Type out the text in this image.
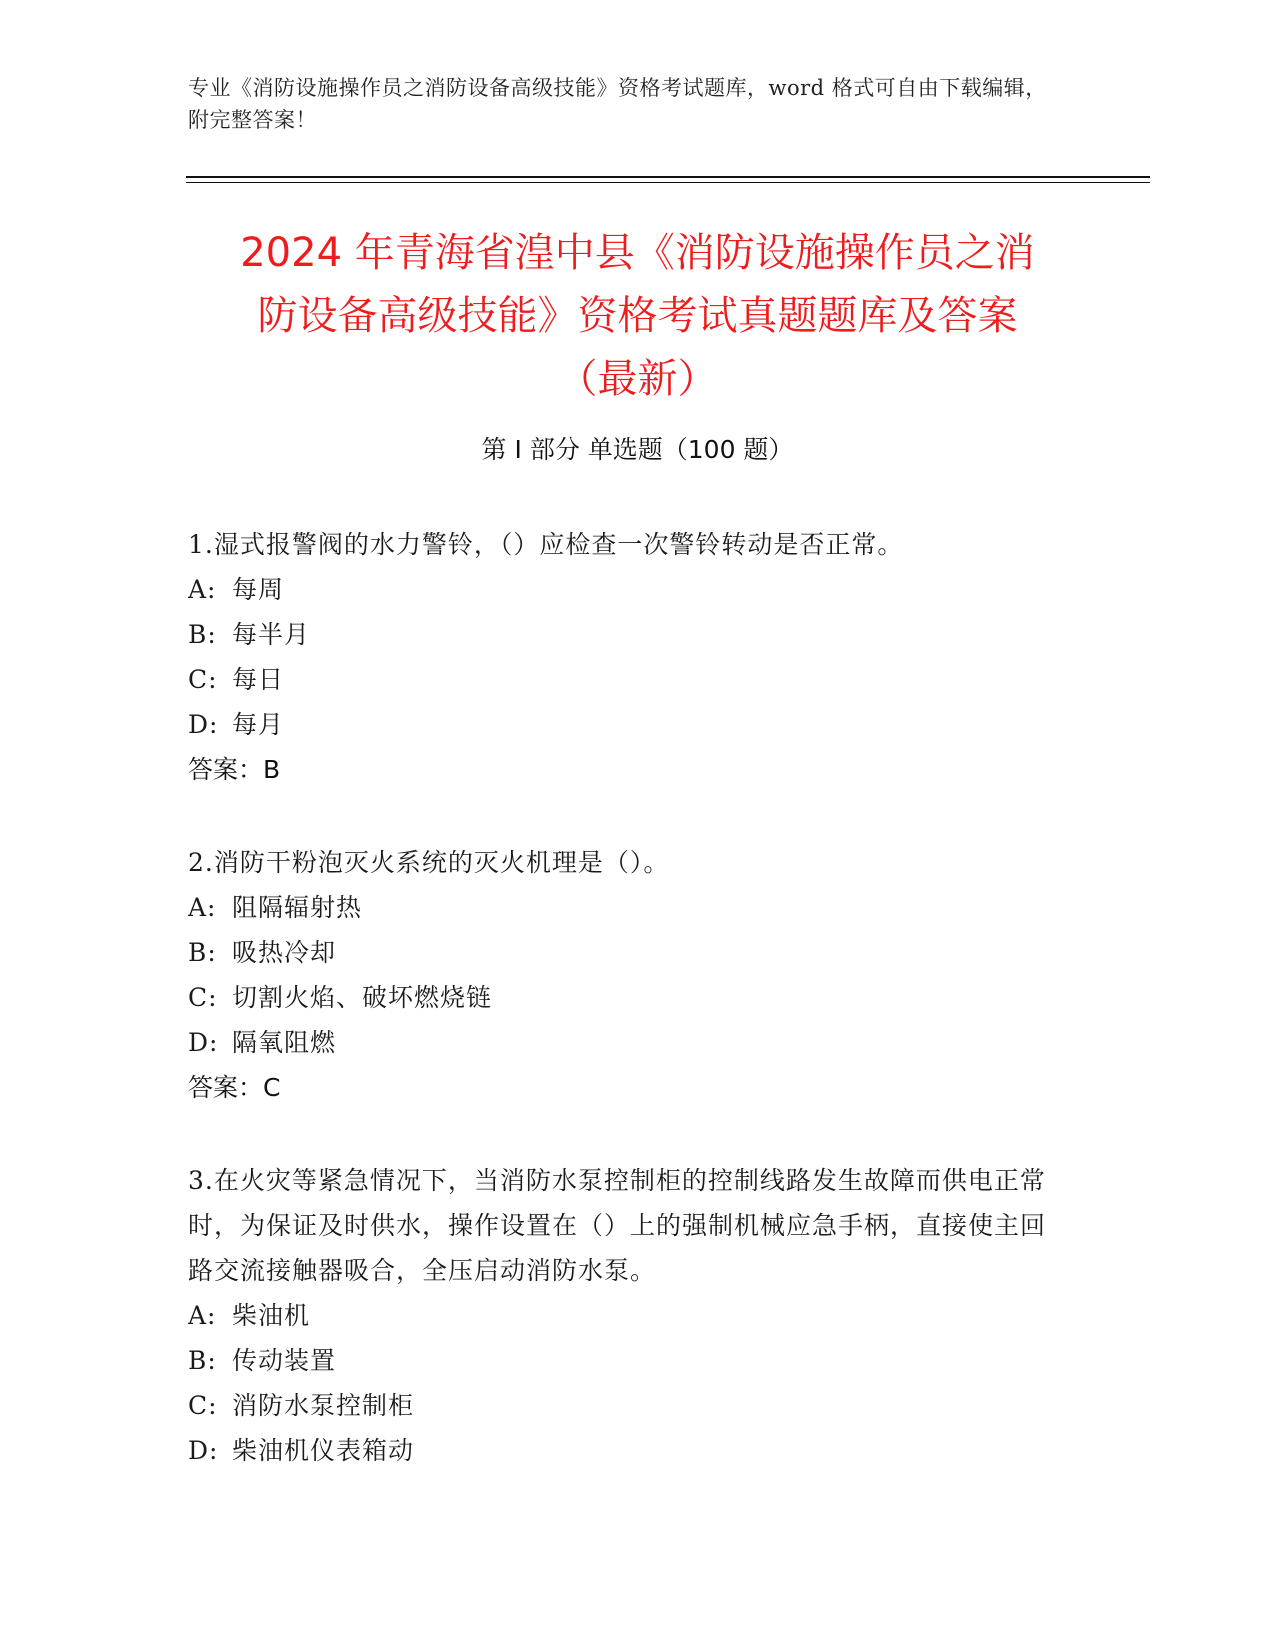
专业《消防设施操作员之消防设备高级技能》资格考试题库，word 格式可自由下载编辑，附完整答案！
2024 年青海省湟中县《消防设施操作员之消
防设备高级技能》资格考试真题题库及答案
（最新）
第 I 部分 单选题（100 题）
1.湿式报警阀的水力警铃，（）应检查一次警铃转动是否正常。
A: 每周
B: 每半月
C: 每日
D: 每月
答案：B
2.消防干粉泡灭火系统的灭火机理是（）。
A: 阻隔辐射热
B: 吸热冷却
C: 切割火焰、破坏燃烧链
D: 隔氧阻燃
答案：C
3.在火灾等紧急情况下，当消防水泵控制柜的控制线路发生故障而供电正常时，为保证及时供水，操作设置在（）上的强制机械应急手柄，直接使主回路交流接触器吸合，全压启动消防水泵。
A: 柴油机
B: 传动装置
C: 消防水泵控制柜
D: 柴油机仪表箱动
